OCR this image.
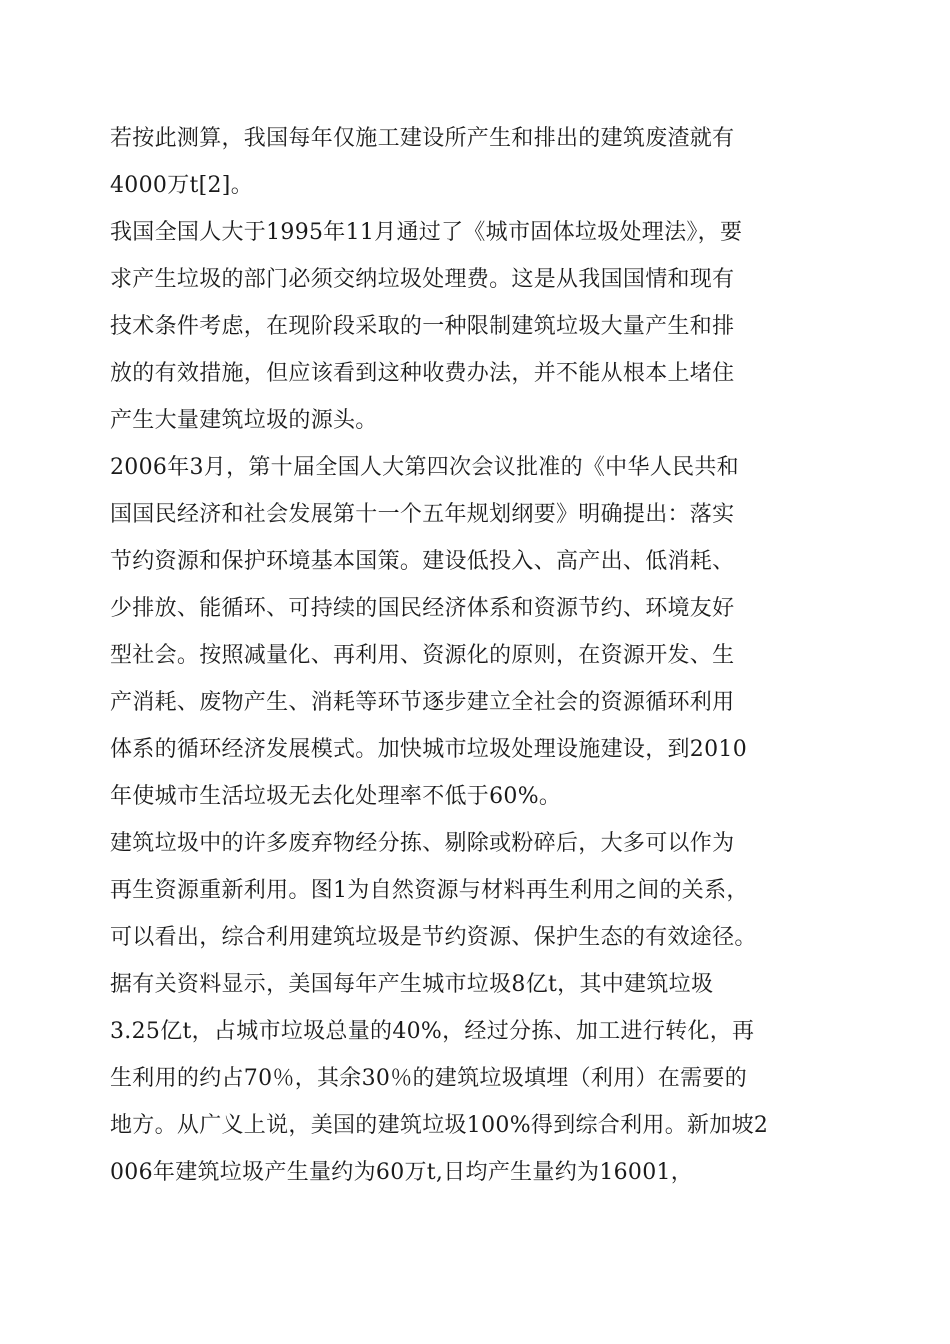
若按此测算，我国每年仅施工建设所产生和排出的建筑废渣就有
4000万t[2]。
我国全国人大于1995年11月通过了《城市固体垃圾处理法》，要
求产生垃圾的部门必须交纳垃圾处理费。这是从我国国情和现有
技术条件考虑，在现阶段采取的一种限制建筑垃圾大量产生和排
放的有效措施，但应该看到这种收费办法，并不能从根本上堵住
产生大量建筑垃圾的源头。
2006年3月，第十届全国人大第四次会议批准的《中华人民共和
国国民经济和社会发展第十一个五年规划纲要》明确提出：落实
节约资源和保护环境基本国策。建设低投入、高产出、低消耗、
少排放、能循环、可持续的国民经济体系和资源节约、环境友好
型社会。按照减量化、再利用、资源化的原则，在资源开发、生
产消耗、废物产生、消耗等环节逐步建立全社会的资源循环利用
体系的循环经济发展模式。加快城市垃圾处理设施建设，到2010
年使城市生活垃圾无去化处理率不低于60%。
建筑垃圾中的许多废弃物经分拣、剔除或粉碎后，大多可以作为
再生资源重新利用。图1为自然资源与材料再生利用之间的关系，
可以看出，综合利用建筑垃圾是节约资源、保护生态的有效途径。
据有关资料显示，美国每年产生城市垃圾8亿t，其中建筑垃圾
3.25亿t，占城市垃圾总量的40%，经过分拣、加工进行转化，再
生利用的约占70％，其余30％的建筑垃圾填埋（利用）在需要的
地方。从广义上说，美国的建筑垃圾100%得到综合利用。新加坡2
006年建筑垃圾产生量约为60万t,日均产生量约为16001，
